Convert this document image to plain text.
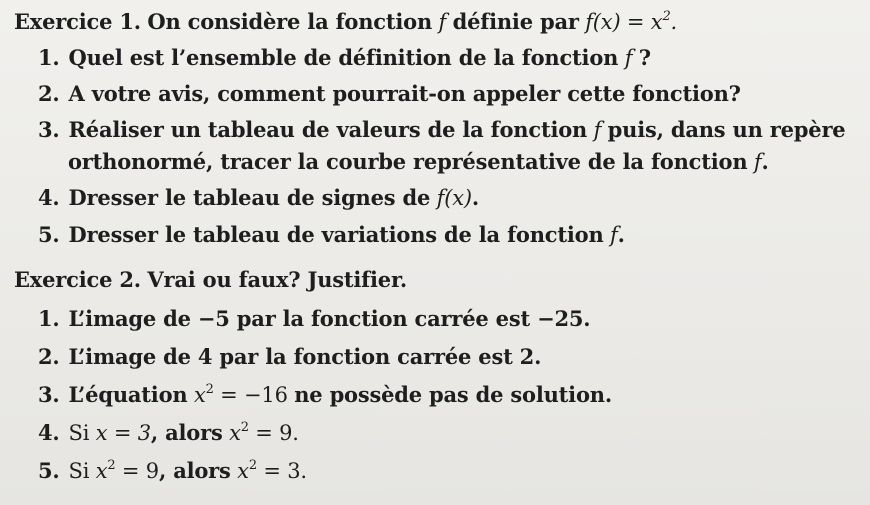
Exercice 1. On considère la fonction f définie par $f(x) = x^2$.
1. Quel est l’ensemble de définition de la fonction f ?
2. A votre avis, comment pourrait-on appeler cette fonction?
3. Réaliser un tableau de valeurs de la fonction f puis, dans un repère
orthonormé, tracer la courbe représentative de la fonction f.
4. Dresser le tableau de signes de f(x).
5. Dresser le tableau de variations de la fonction f.
Exercice 2. Vrai ou faux? Justifier.
1. L’image de −5 par la fonction carrée est −25.
2. L’image de 4 par la fonction carrée est 2.
3. L’équation $x^2 = -16$ ne possède pas de solution.
4. Si x = 3, alors $x^2 = 9$.
5. Si $x^2 = 9$, alors $x^2 = 3$.
